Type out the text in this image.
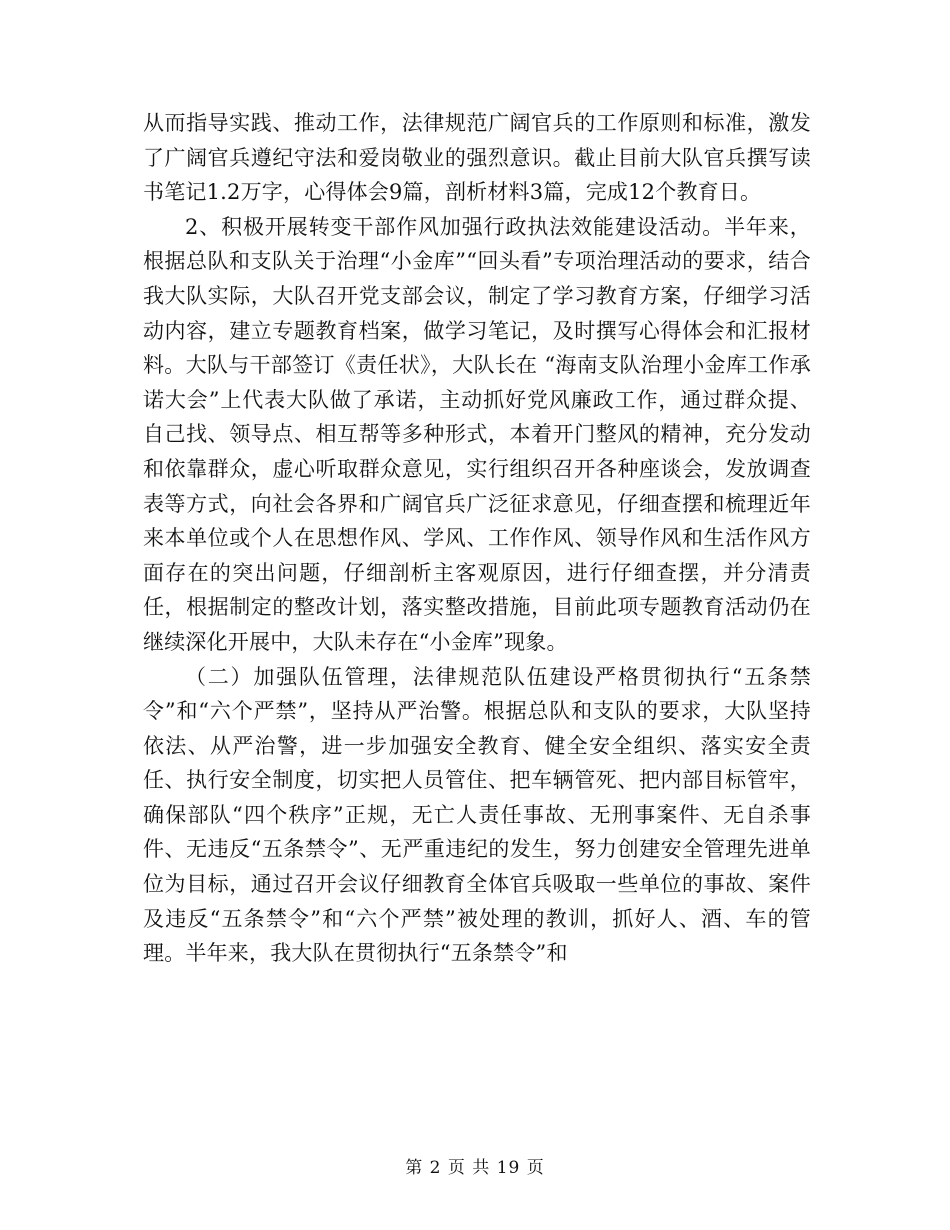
从而指导实践、推动工作，法律规范广阔官兵的工作原则和标准，激发了广阔官兵遵纪守法和爱岗敬业的强烈意识。截止目前大队官兵撰写读书笔记1.2万字，心得体会9篇，剖析材料3篇，完成12个教育日。

2、积极开展转变干部作风加强行政执法效能建设活动。半年来，根据总队和支队关于治理“小金库”“回头看”专项治理活动的要求，结合我大队实际，大队召开党支部会议，制定了学习教育方案，仔细学习活动内容，建立专题教育档案，做学习笔记，及时撰写心得体会和汇报材料。大队与干部签订《责任状》，大队长在 “海南支队治理小金库工作承诺大会”上代表大队做了承诺，主动抓好党风廉政工作，通过群众提、自己找、领导点、相互帮等多种形式，本着开门整风的精神，充分发动和依靠群众，虚心听取群众意见，实行组织召开各种座谈会，发放调查表等方式，向社会各界和广阔官兵广泛征求意见，仔细查摆和梳理近年来本单位或个人在思想作风、学风、工作作风、领导作风和生活作风方面存在的突出问题，仔细剖析主客观原因，进行仔细查摆，并分清责任，根据制定的整改计划，落实整改措施，目前此项专题教育活动仍在继续深化开展中，大队未存在“小金库”现象。

（二）加强队伍管理，法律规范队伍建设严格贯彻执行“五条禁令”和“六个严禁”，坚持从严治警。根据总队和支队的要求，大队坚持依法、从严治警，进一步加强安全教育、健全安全组织、落实安全责任、执行安全制度，切实把人员管住、把车辆管死、把内部目标管牢，确保部队“四个秩序”正规，无亡人责任事故、无刑事案件、无自杀事件、无违反“五条禁令”、无严重违纪的发生，努力创建安全管理先进单位为目标，通过召开会议仔细教育全体官兵吸取一些单位的事故、案件及违反“五条禁令”和“六个严禁”被处理的教训，抓好人、酒、车的管理。半年来，我大队在贯彻执行“五条禁令”和

第 2 页 共 19 页
